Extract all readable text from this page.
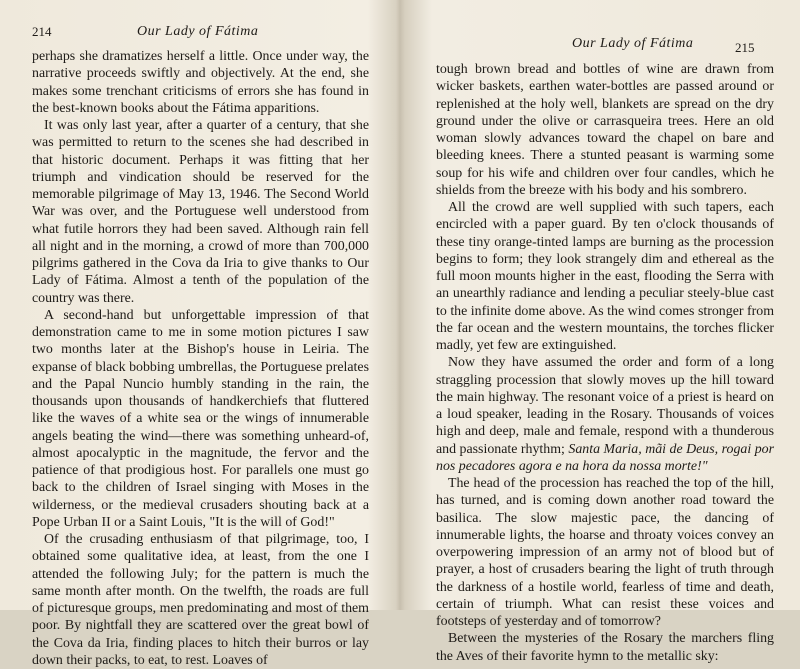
214	Our Lady of Fátima

perhaps she dramatizes herself a little. Once under way, the narrative proceeds swiftly and objectively. At the end, she makes some trenchant criticisms of errors she has found in the best-known books about the Fátima apparitions.

It was only last year, after a quarter of a century, that she was permitted to return to the scenes she had described in that historic document. Perhaps it was fitting that her triumph and vindication should be reserved for the memorable pilgrimage of May 13, 1946. The Second World War was over, and the Portuguese well understood from what futile horrors they had been saved. Although rain fell all night and in the morning, a crowd of more than 700,000 pilgrims gathered in the Cova da Iria to give thanks to Our Lady of Fátima. Almost a tenth of the population of the country was there.

A second-hand but unforgettable impression of that demonstration came to me in some motion pictures I saw two months later at the Bishop's house in Leiria. The expanse of black bobbing umbrellas, the Portuguese prelates and the Papal Nuncio humbly standing in the rain, the thousands upon thousands of handkerchiefs that fluttered like the waves of a white sea or the wings of innumerable angels beating the wind—there was something unheard-of, almost apocalyptic in the magnitude, the fervor and the patience of that prodigious host. For parallels one must go back to the children of Israel singing with Moses in the wilderness, or the medieval crusaders shouting back at a Pope Urban II or a Saint Louis, "It is the will of God!"

Of the crusading enthusiasm of that pilgrimage, too, I obtained some qualitative idea, at least, from the one I attended the following July; for the pattern is much the same month after month. On the twelfth, the roads are full of picturesque groups, men predominating and most of them poor. By nightfall they are scattered over the great bowl of the Cova da Iria, finding places to hitch their burros or lay down their packs, to eat, to rest. Loaves of

Our Lady of Fátima	215

tough brown bread and bottles of wine are drawn from wicker baskets, earthen water-bottles are passed around or replenished at the holy well, blankets are spread on the dry ground under the olive or carrasqueira trees. Here an old woman slowly advances toward the chapel on bare and bleeding knees. There a stunted peasant is warming some soup for his wife and children over four candles, which he shields from the breeze with his body and his sombrero.

All the crowd are well supplied with such tapers, each encircled with a paper guard. By ten o'clock thousands of these tiny orange-tinted lamps are burning as the procession begins to form; they look strangely dim and ethereal as the full moon mounts higher in the east, flooding the Serra with an unearthly radiance and lending a peculiar steely-blue cast to the infinite dome above. As the wind comes stronger from the far ocean and the western mountains, the torches flicker madly, yet few are extinguished.

Now they have assumed the order and form of a long straggling procession that slowly moves up the hill toward the main highway. The resonant voice of a priest is heard on a loud speaker, leading in the Rosary. Thousands of voices high and deep, male and female, respond with a thunderous and passionate rhythm; Santa Maria, mãi de Deus, rogai por nos pecadores agora e na hora da nossa morte!"

The head of the procession has reached the top of the hill, has turned, and is coming down another road toward the basilica. The slow majestic pace, the dancing of innumerable lights, the hoarse and throaty voices convey an overpowering impression of an army not of blood but of prayer, a host of crusaders bearing the light of truth through the darkness of a hostile world, fearless of time and death, certain of triumph. What can resist these voices and footsteps of yesterday and of tomorrow?

Between the mysteries of the Rosary the marchers fling the Aves of their favorite hymn to the metallic sky:
